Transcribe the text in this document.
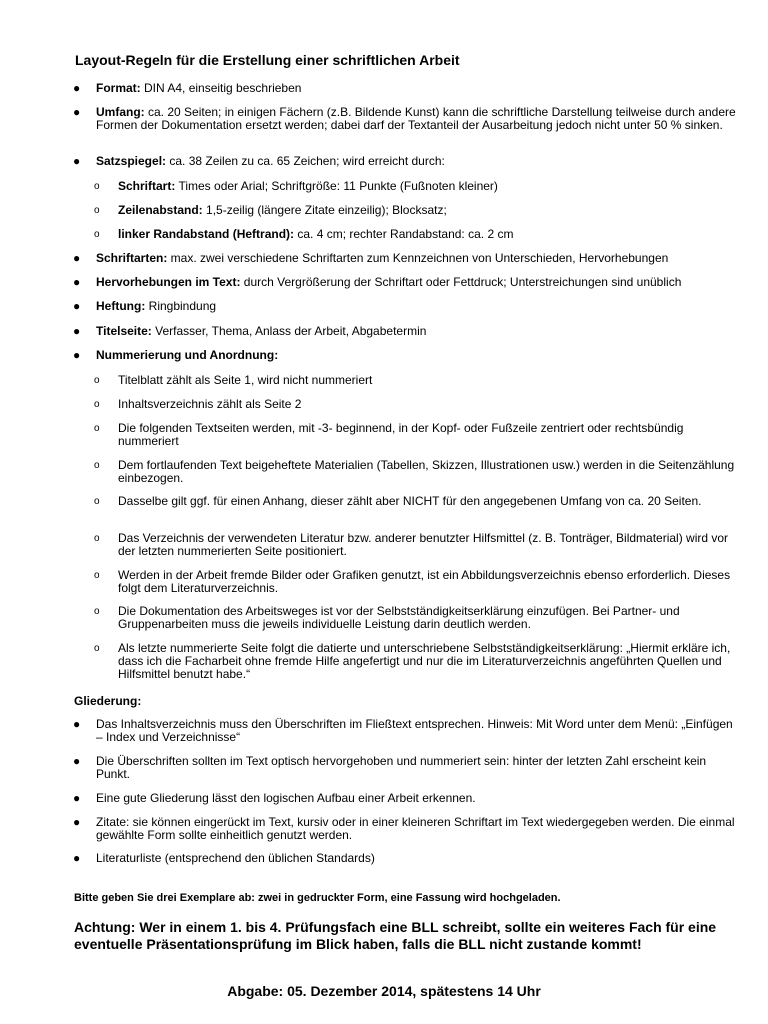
Layout-Regeln für die Erstellung einer schriftlichen Arbeit
●	Format: DIN A4, einseitig beschrieben
●	Umfang: ca. 20 Seiten; in einigen Fächern (z.B. Bildende Kunst) kann die schriftliche Darstellung teilweise durch andere Formen der Dokumentation ersetzt werden; dabei darf der Textanteil der Ausarbeitung jedoch nicht unter 50 % sinken.
●	Satzspiegel: ca. 38 Zeilen zu ca. 65 Zeichen; wird erreicht durch:
o	Schriftart: Times oder Arial; Schriftgröße: 11 Punkte (Fußnoten kleiner)
o	Zeilenabstand: 1,5-zeilig (längere Zitate einzeilig); Blocksatz;
o	linker Randabstand (Heftrand): ca. 4 cm; rechter Randabstand: ca. 2 cm
●	Schriftarten: max. zwei verschiedene Schriftarten zum Kennzeichnen von Unterschieden, Hervorhebungen
●	Hervorhebungen im Text: durch Vergrößerung der Schriftart oder Fettdruck; Unterstreichungen sind unüblich
●	Heftung: Ringbindung
●	Titelseite: Verfasser, Thema, Anlass der Arbeit, Abgabetermin
●	Nummerierung und Anordnung:
o	Titelblatt zählt als Seite 1, wird nicht nummeriert
o	Inhaltsverzeichnis zählt als Seite 2
o	Die folgenden Textseiten werden, mit -3- beginnend, in der Kopf- oder Fußzeile zentriert oder rechtsbündig nummeriert
o	Dem fortlaufenden Text beigeheftete Materialien (Tabellen, Skizzen, Illustrationen usw.) werden in die Seitenzählung einbezogen.
o	Dasselbe gilt ggf. für einen Anhang, dieser zählt aber NICHT für den angegebenen Umfang von ca. 20 Seiten.
o	Das Verzeichnis der verwendeten Literatur bzw. anderer benutzter Hilfsmittel (z. B. Tonträger, Bildmaterial) wird vor der letzten nummerierten Seite positioniert.
o	Werden in der Arbeit fremde Bilder oder Grafiken genutzt, ist ein Abbildungsverzeichnis ebenso erforderlich. Dieses folgt dem Literaturverzeichnis.
o	Die Dokumentation des Arbeitsweges ist vor der Selbstständigkeitserklärung einzufügen. Bei Partner- und Gruppenarbeiten muss die jeweils individuelle Leistung darin deutlich werden.
o	Als letzte nummerierte Seite folgt die datierte und unterschriebene Selbstständigkeitserklärung: „Hiermit erkläre ich, dass ich die Facharbeit ohne fremde Hilfe angefertigt und nur die im Literaturverzeichnis angeführten Quellen und Hilfsmittel benutzt habe.“
Gliederung:
●	Das Inhaltsverzeichnis muss den Überschriften im Fließtext entsprechen. Hinweis: Mit Word unter dem Menü: „Einfügen – Index und Verzeichnisse“
●	Die Überschriften sollten im Text optisch hervorgehoben und nummeriert sein: hinter der letzten Zahl erscheint kein Punkt.
●	Eine gute Gliederung lässt den logischen Aufbau einer Arbeit erkennen.
●	Zitate: sie können eingerückt im Text, kursiv oder in einer kleineren Schriftart im Text wiedergegeben werden. Die einmal gewählte Form sollte einheitlich genutzt werden.
●	Literaturliste (entsprechend den üblichen Standards)
Bitte geben Sie drei Exemplare ab: zwei in gedruckter Form, eine Fassung wird hochgeladen.
Achtung: Wer in einem 1. bis 4. Prüfungsfach eine BLL schreibt, sollte ein weiteres Fach für eine eventuelle Präsentationsprüfung im Blick haben, falls die BLL nicht zustande kommt!
Abgabe: 05. Dezember 2014, spätestens 14 Uhr
